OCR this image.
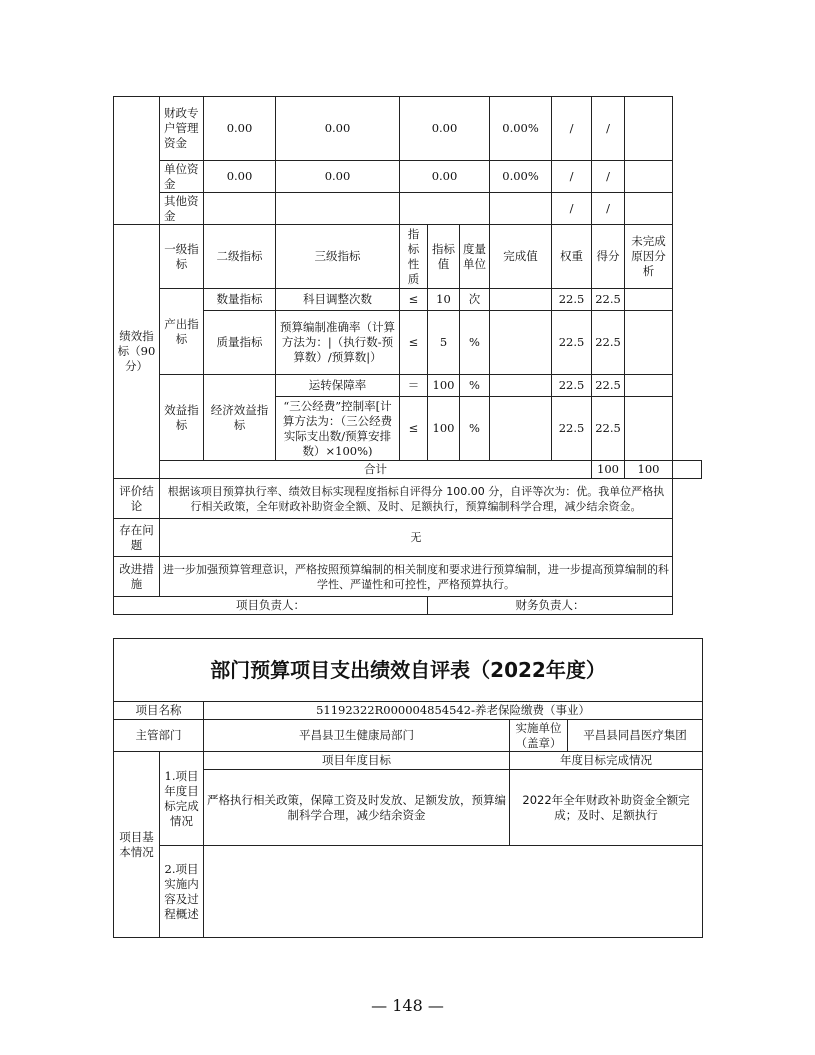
	财政专户管理资金	0.00	0.00	0.00			0.00%	/	/		
	单位资金	0.00	0.00	0.00			0.00%	/	/		
	其他资金							/	/		
绩效指标（90分）	一级指标	二级指标	三级指标	指标性质	指标值	度量单位	完成值	权重	得分	未完成原因分析	
	产出指标	数量指标	科目调整次数	≤	10	次		22.5	22.5		
		质量指标	预算编制准确率（计算方法为：|（执行数-预算数）/预算数|）	≤	5	%		22.5	22.5		
	效益指标	经济效益指标	运转保障率	＝	100	%		22.5	22.5		
			“三公经费”控制率[计算方法为：（三公经费实际支出数/预算安排数）×100%)	≤	100	%		22.5	22.5		
	合计								100	100	
评价结论	根据该项目预算执行率、绩效目标实现程度指标自评得分 100.00 分，自评等次为：优。我单位严格执行相关政策，全年财政补助资金全额、及时、足额执行，预算编制科学合理，减少结余资金。										
存在问题	无										
改进措施	进一步加强预算管理意识，严格按照预算编制的相关制度和要求进行预算编制，进一步提高预算编制的科学性、严谨性和可控性，严格预算执行。										
项目负责人：					财务负责人：						
部门预算项目支出绩效自评表（2022年度）				
项目名称		51192322R000004854542-养老保险缴费（事业）		
主管部门		平昌县卫生健康局部门	实施单位（盖章）	平昌县同昌医疗集团
项目基本情况	1.项目年度目标完成情况	项目年度目标	年度目标完成情况	
		严格执行相关政策，保障工资及时发放、足额发放，预算编制科学合理，减少结余资金	2022年全年财政补助资金全额完成；及时、足额执行	
	2.项目实施内容及过程概述			
— 148 —
